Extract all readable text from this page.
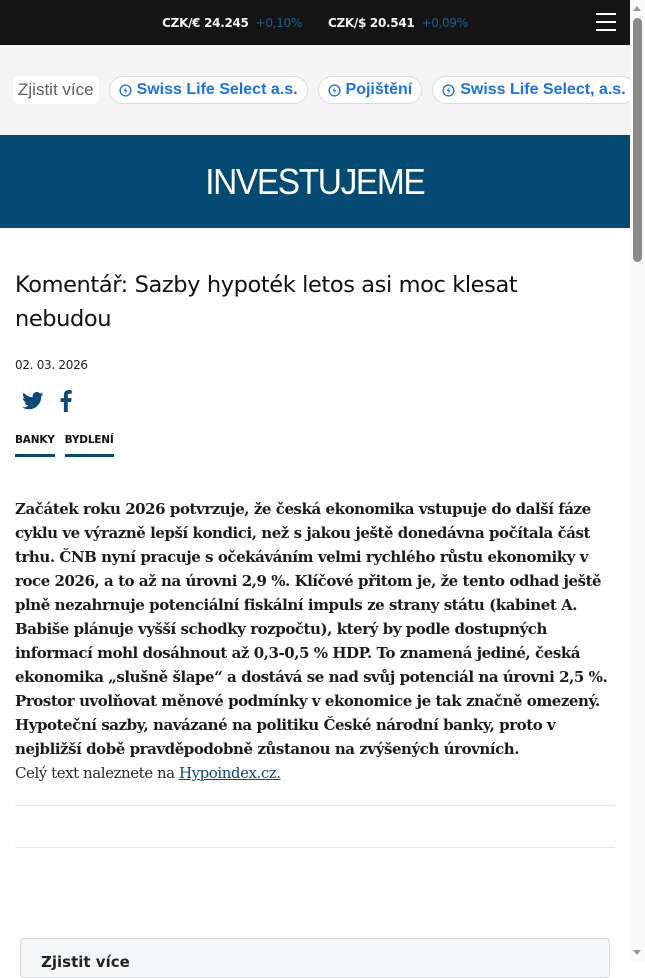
CZK/€ 24.245 +0,10% CZK/$ 20.541 +0,09%
Zjistit více	Swiss Life Select a.s.	Pojištění	Swiss Life Select, a.s.
INVESTUJEME
Komentář: Sazby hypoték letos asi moc klesat nebudou
02. 03. 2026
BANKY BYDLENÍ

Začátek roku 2026 potvrzuje, že česká ekonomika vstupuje do další fáze cyklu ve výrazně lepší kondici, než s jakou ještě donedávna počítala část trhu. ČNB nyní pracuje s očekáváním velmi rychlého růstu ekonomiky v roce 2026, a to až na úrovni 2,9 %. Klíčové přitom je, že tento odhad ještě plně nezahrnuje potenciální fiskální impuls ze strany státu (kabinet A. Babiše plánuje vyšší schodky rozpočtu), který by podle dostupných informací mohl dosáhnout až 0,3-0,5 % HDP. To znamená jediné, česká ekonomika „slušně šlape“ a dostává se nad svůj potenciál na úrovni 2,5 %. Prostor uvolňovat měnové podmínky v ekonomice je tak značně omezený. Hypoteční sazby, navázané na politiku České národní banky, proto v nejbližší době pravděpodobně zůstanou na zvýšených úrovních.

Celý text naleznete na Hypoindex.cz.

Zjistit více
